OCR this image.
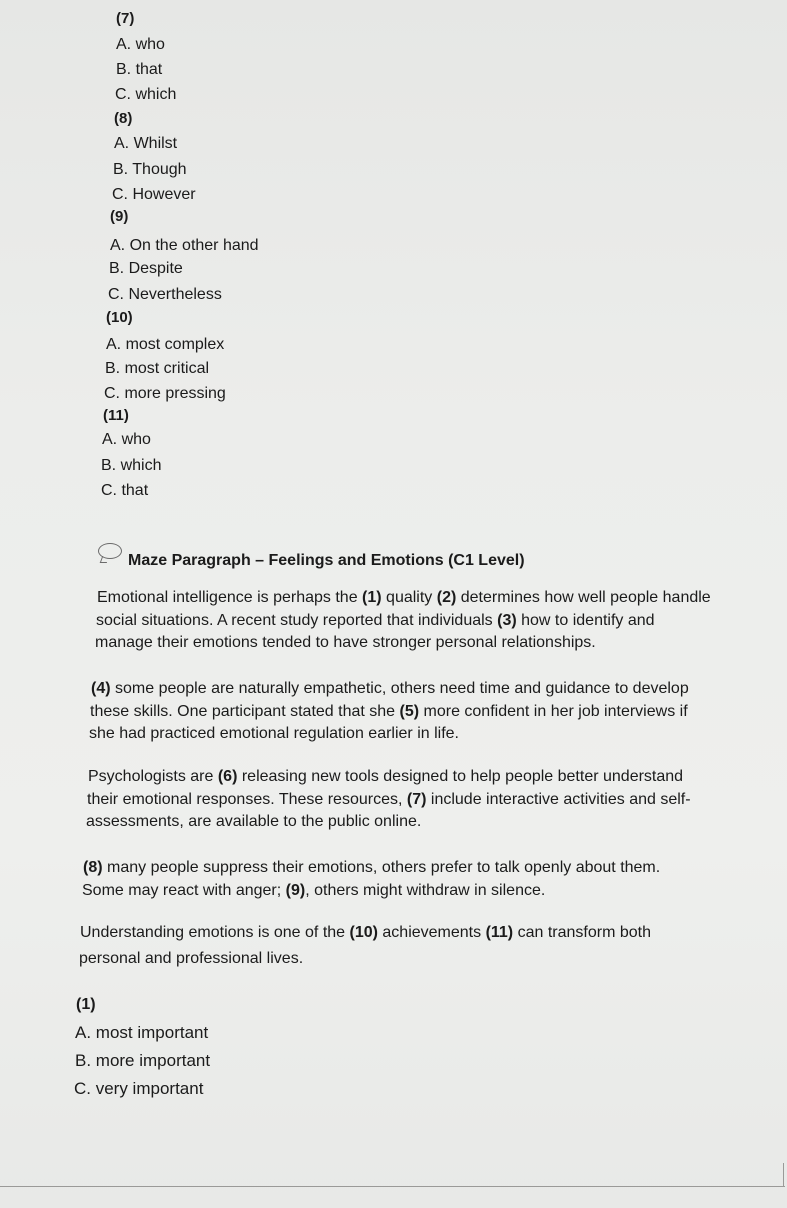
(7)
A. who
B. that
C. which
(8)
A. Whilst
B. Though
C. However
(9)
A. On the other hand
B. Despite
C. Nevertheless
(10)
A. most complex
B. most critical
C. more pressing
(11)
A. who
B. which
C. that
Maze Paragraph – Feelings and Emotions (C1 Level)
Emotional intelligence is perhaps the (1) quality (2) determines how well people handle
social situations. A recent study reported that individuals (3) how to identify and
manage their emotions tended to have stronger personal relationships.
(4) some people are naturally empathetic, others need time and guidance to develop
these skills. One participant stated that she (5) more confident in her job interviews if
she had practiced emotional regulation earlier in life.
Psychologists are (6) releasing new tools designed to help people better understand
their emotional responses. These resources, (7) include interactive activities and self-
assessments, are available to the public online.
(8) many people suppress their emotions, others prefer to talk openly about them.
Some may react with anger; (9), others might withdraw in silence.
Understanding emotions is one of the (10) achievements (11) can transform both
personal and professional lives.
(1)
A. most important
B. more important
C. very important
